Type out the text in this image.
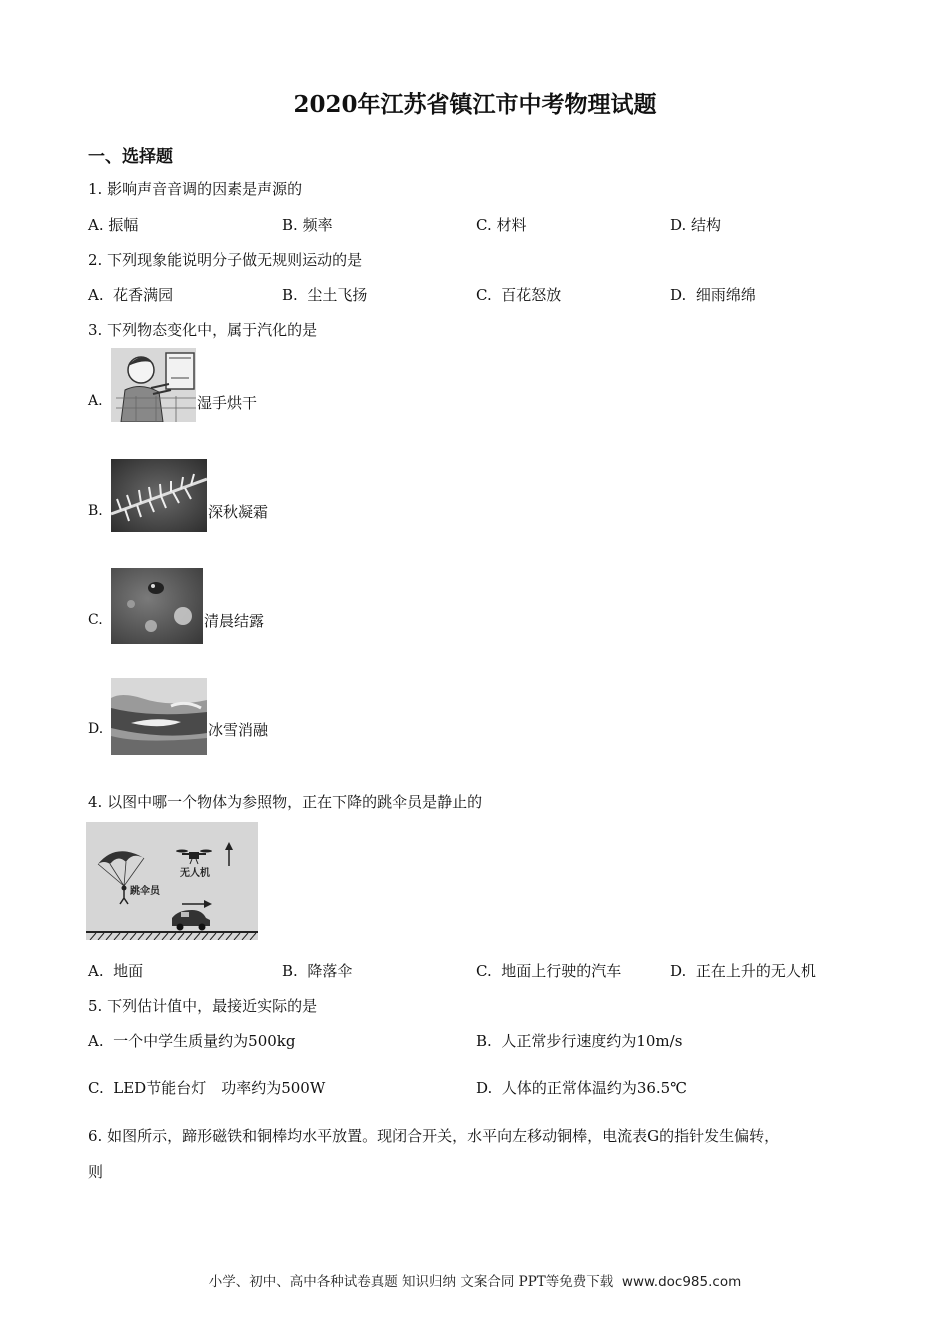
2020年江苏省镇江市中考物理试题
一、选择题
1. 影响声音音调的因素是声源的
A. 振幅	B. 频率	C. 材料	D. 结构
2. 下列现象能说明分子做无规则运动的是
A. 花香满园	B. 尘土飞扬	C. 百花怒放	D. 细雨绵绵
3. 下列物态变化中，属于汽化的是
A.	湿手烘干
B.	深秋凝霜
C.	清晨结露
D.	冰雪消融
4. 以图中哪一个物体为参照物，正在下降的跳伞员是静止的
无人机
跳伞员
A. 地面	B. 降落伞	C. 地面上行驶的汽车	D. 正在上升的无人机
5. 下列估计值中，最接近实际的是
A. 一个中学生质量约为500kg	B. 人正常步行速度约为10m/s
C. LED节能台灯　功率约为500W	D. 人体的正常体温约为36.5℃
6. 如图所示，蹄形磁铁和铜棒均水平放置。现闭合开关，水平向左移动铜棒，电流表G的指针发生偏转，
则
小学、初中、高中各种试卷真题 知识归纳 文案合同 PPT等免费下载 www.doc985.com
